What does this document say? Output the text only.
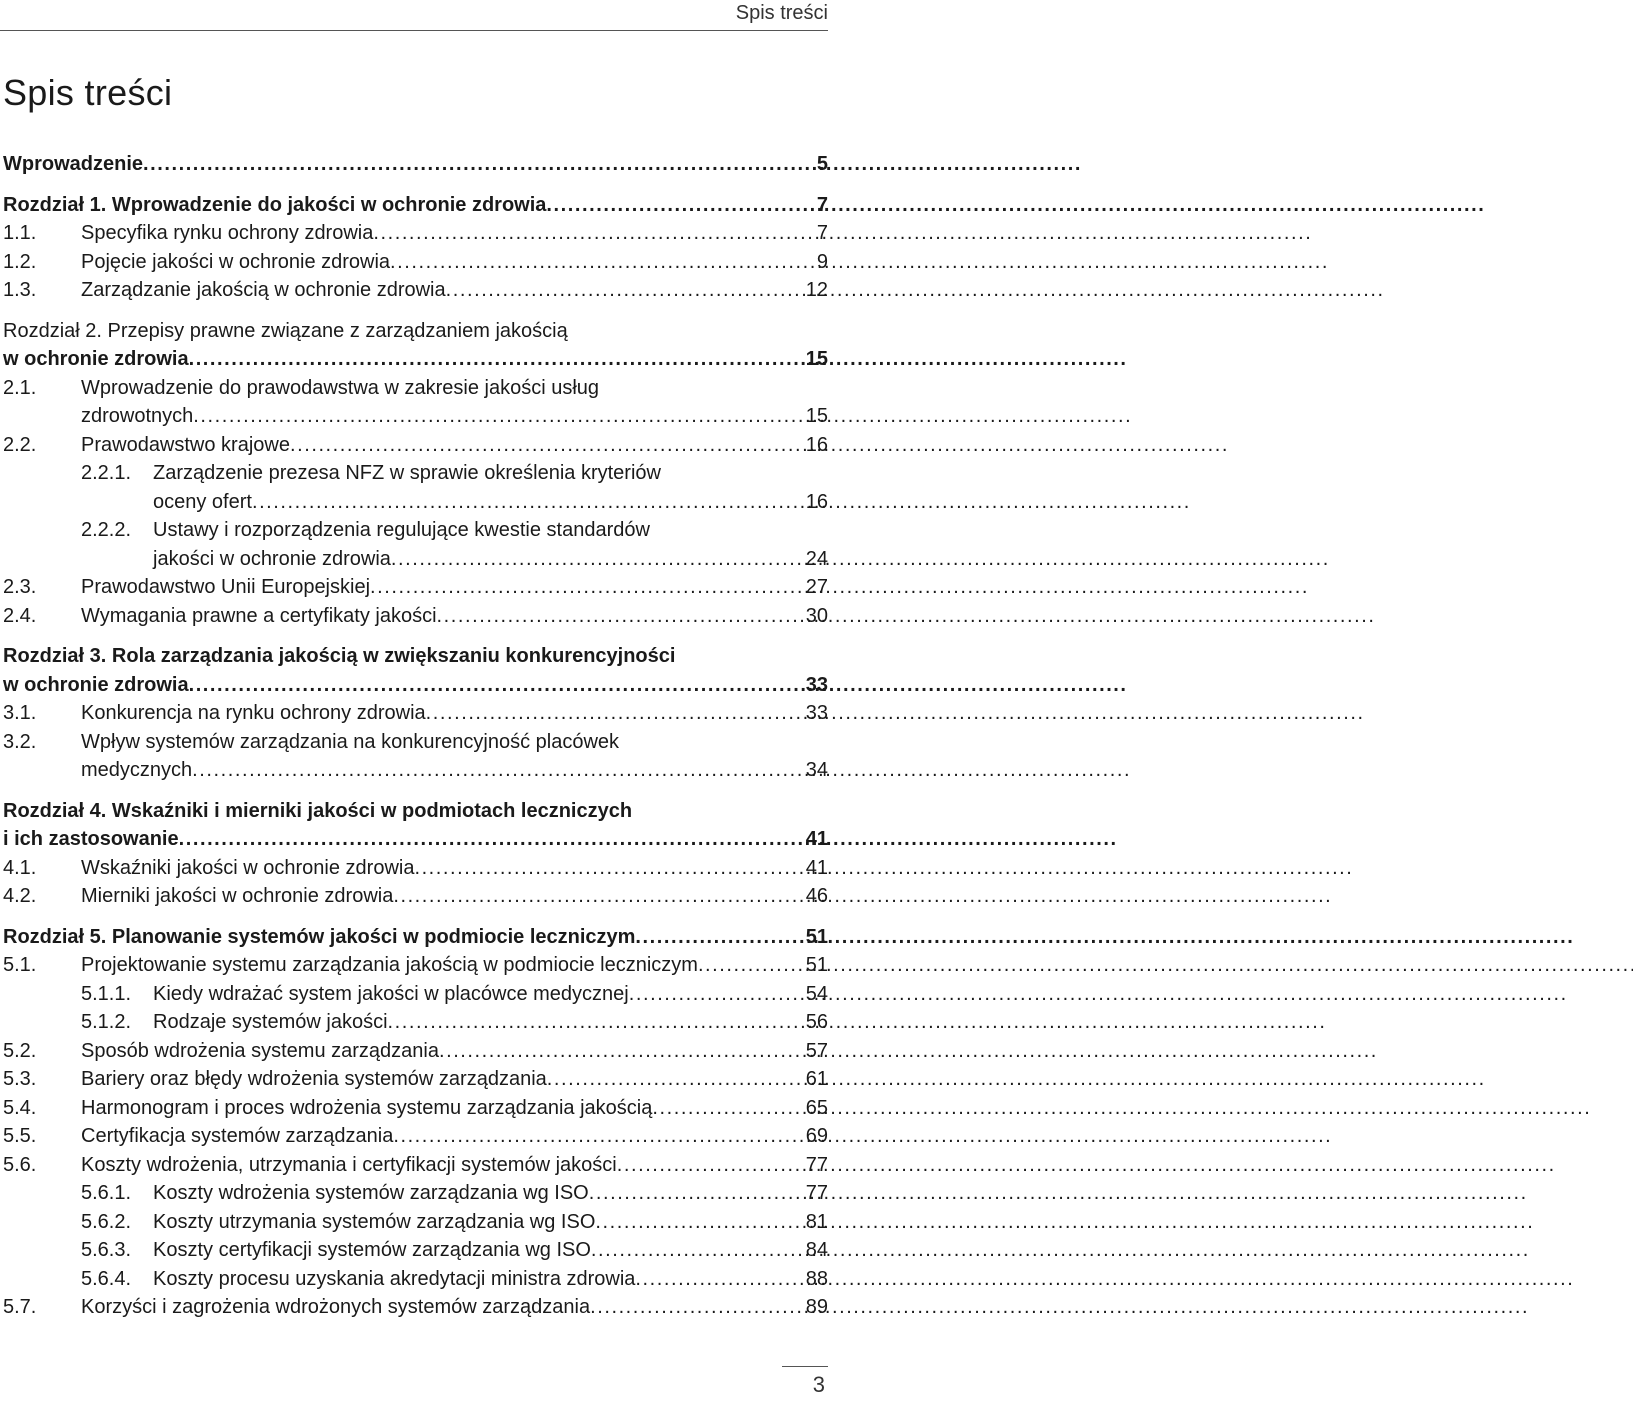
Spis treści
Spis treści
Wprowadzenie . . .	5
Rozdział 1. Wprowadzenie do jakości w ochronie zdrowia . . .	7
1.1.	Specyfika rynku ochrony zdrowia . . .	7
1.2.	Pojęcie jakości w ochronie zdrowia . . .	9
1.3.	Zarządzanie jakością w ochronie zdrowia . . .	12
Rozdział 2. Przepisy prawne związane z zarządzaniem jakością
w ochronie zdrowia . . .	15
2.1.	Wprowadzenie do prawodawstwa w zakresie jakości usług
zdrowotnych . . .	15
2.2.	Prawodawstwo krajowe . . .	16
2.2.1.	Zarządzenie prezesa NFZ w sprawie określenia kryteriów
oceny ofert . . .	16
2.2.2.	Ustawy i rozporządzenia regulujące kwestie standardów
jakości w ochronie zdrowia . . .	24
2.3.	Prawodawstwo Unii Europejskiej . . .	27
2.4.	Wymagania prawne a certyfikaty jakości . . .	30
Rozdział 3. Rola zarządzania jakością w zwiększaniu konkurencyjności
w ochronie zdrowia . . .	33
3.1.	Konkurencja na rynku ochrony zdrowia . . .	33
3.2.	Wpływ systemów zarządzania na konkurencyjność placówek
medycznych . . .	34
Rozdział 4. Wskaźniki i mierniki jakości w podmiotach leczniczych
i ich zastosowanie . . .	41
4.1.	Wskaźniki jakości w ochronie zdrowia . . .	41
4.2.	Mierniki jakości w ochronie zdrowia . . .	46
Rozdział 5. Planowanie systemów jakości w podmiocie leczniczym . . .	51
5.1.	Projektowanie systemu zarządzania jakością w podmiocie leczniczym . . .	51
5.1.1.	Kiedy wdrażać system jakości w placówce medycznej . . .	54
5.1.2.	Rodzaje systemów jakości . . .	56
5.2.	Sposób wdrożenia systemu zarządzania . . .	57
5.3.	Bariery oraz błędy wdrożenia systemów zarządzania . . .	61
5.4.	Harmonogram i proces wdrożenia systemu zarządzania jakością . . .	65
5.5.	Certyfikacja systemów zarządzania . . .	69
5.6.	Koszty wdrożenia, utrzymania i certyfikacji systemów jakości . . .	77
5.6.1.	Koszty wdrożenia systemów zarządzania wg ISO . . .	77
5.6.2.	Koszty utrzymania systemów zarządzania wg ISO . . .	81
5.6.3.	Koszty certyfikacji systemów zarządzania wg ISO . . .	84
5.6.4.	Koszty procesu uzyskania akredytacji ministra zdrowia . . .	88
5.7.	Korzyści i zagrożenia wdrożonych systemów zarządzania . . .	89
3
